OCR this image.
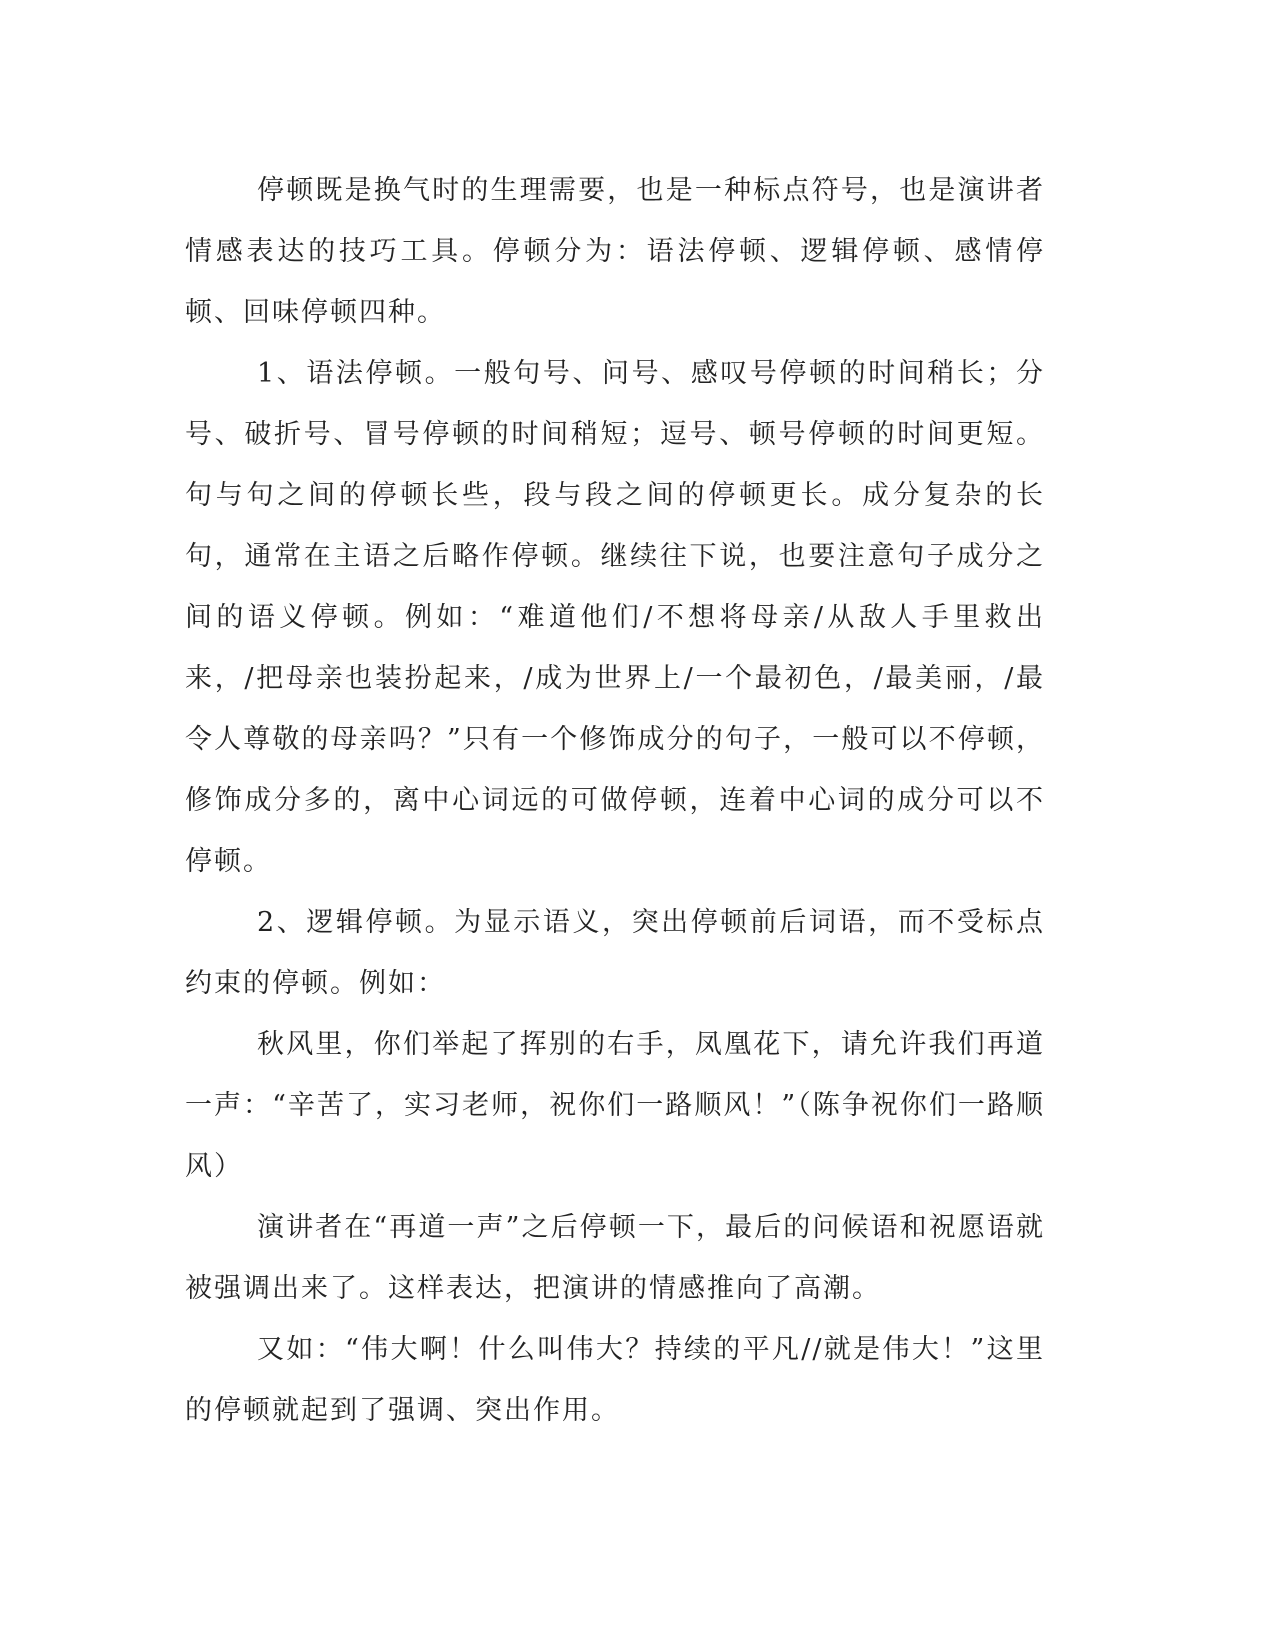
停顿既是换气时的生理需要，也是一种标点符号，也是演讲者情感表达的技巧工具。停顿分为：语法停顿、逻辑停顿、感情停顿、回味停顿四种。

1、语法停顿。一般句号、问号、感叹号停顿的时间稍长；分号、破折号、冒号停顿的时间稍短；逗号、顿号停顿的时间更短。句与句之间的停顿长些，段与段之间的停顿更长。成分复杂的长句，通常在主语之后略作停顿。继续往下说，也要注意句子成分之间的语义停顿。例如：“难道他们/不想将母亲/从敌人手里救出来，/把母亲也装扮起来，/成为世界上/一个最初色，/最美丽，/最令人尊敬的母亲吗？”只有一个修饰成分的句子，一般可以不停顿，修饰成分多的，离中心词远的可做停顿，连着中心词的成分可以不停顿。

2、逻辑停顿。为显示语义，突出停顿前后词语，而不受标点约束的停顿。例如：

秋风里，你们举起了挥别的右手，凤凰花下，请允许我们再道一声：“辛苦了，实习老师，祝你们一路顺风！”（陈争祝你们一路顺风）

演讲者在“再道一声”之后停顿一下，最后的问候语和祝愿语就被强调出来了。这样表达，把演讲的情感推向了高潮。

又如：“伟大啊！什么叫伟大？持续的平凡//就是伟大！”这里的停顿就起到了强调、突出作用。
